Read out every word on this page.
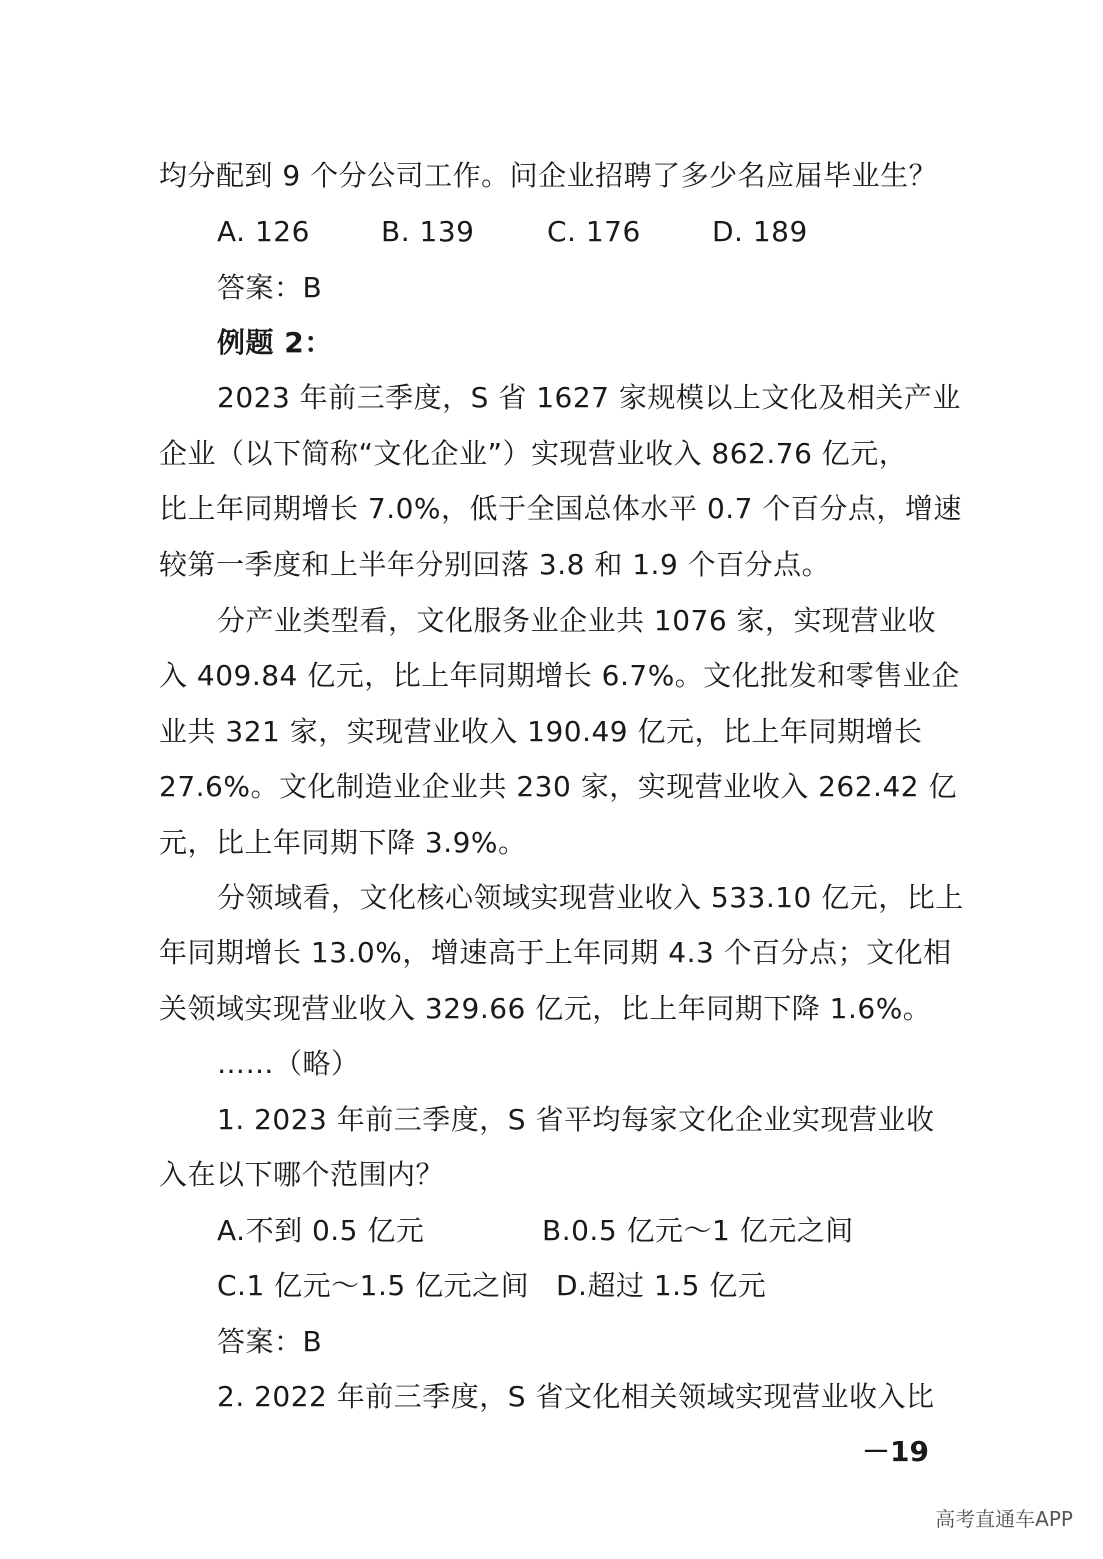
均分配到 9 个分公司工作。问企业招聘了多少名应届毕业生？
A. 126	B. 139	C. 176	D. 189
答案：B
例题 2：
2023 年前三季度，S 省 1627 家规模以上文化及相关产业
企业（以下简称“文化企业”）实现营业收入 862.76 亿元，
比上年同期增长 7.0%，低于全国总体水平 0.7 个百分点，增速
较第一季度和上半年分别回落 3.8 和 1.9 个百分点。
分产业类型看，文化服务业企业共 1076 家，实现营业收
入 409.84 亿元，比上年同期增长 6.7%。文化批发和零售业企
业共 321 家，实现营业收入 190.49 亿元，比上年同期增长
27.6%。文化制造业企业共 230 家，实现营业收入 262.42 亿
元，比上年同期下降 3.9%。
分领域看，文化核心领域实现营业收入 533.10 亿元，比上
年同期增长 13.0%，增速高于上年同期 4.3 个百分点；文化相
关领域实现营业收入 329.66 亿元，比上年同期下降 1.6%。
……（略）
1. 2023 年前三季度，S 省平均每家文化企业实现营业收
入在以下哪个范围内？
A.不到 0.5 亿元	B.0.5 亿元～1 亿元之间
C.1 亿元～1.5 亿元之间 D.超过 1.5 亿元
答案：B
2. 2022 年前三季度，S 省文化相关领域实现营业收入比
－19
高考直通车APP
